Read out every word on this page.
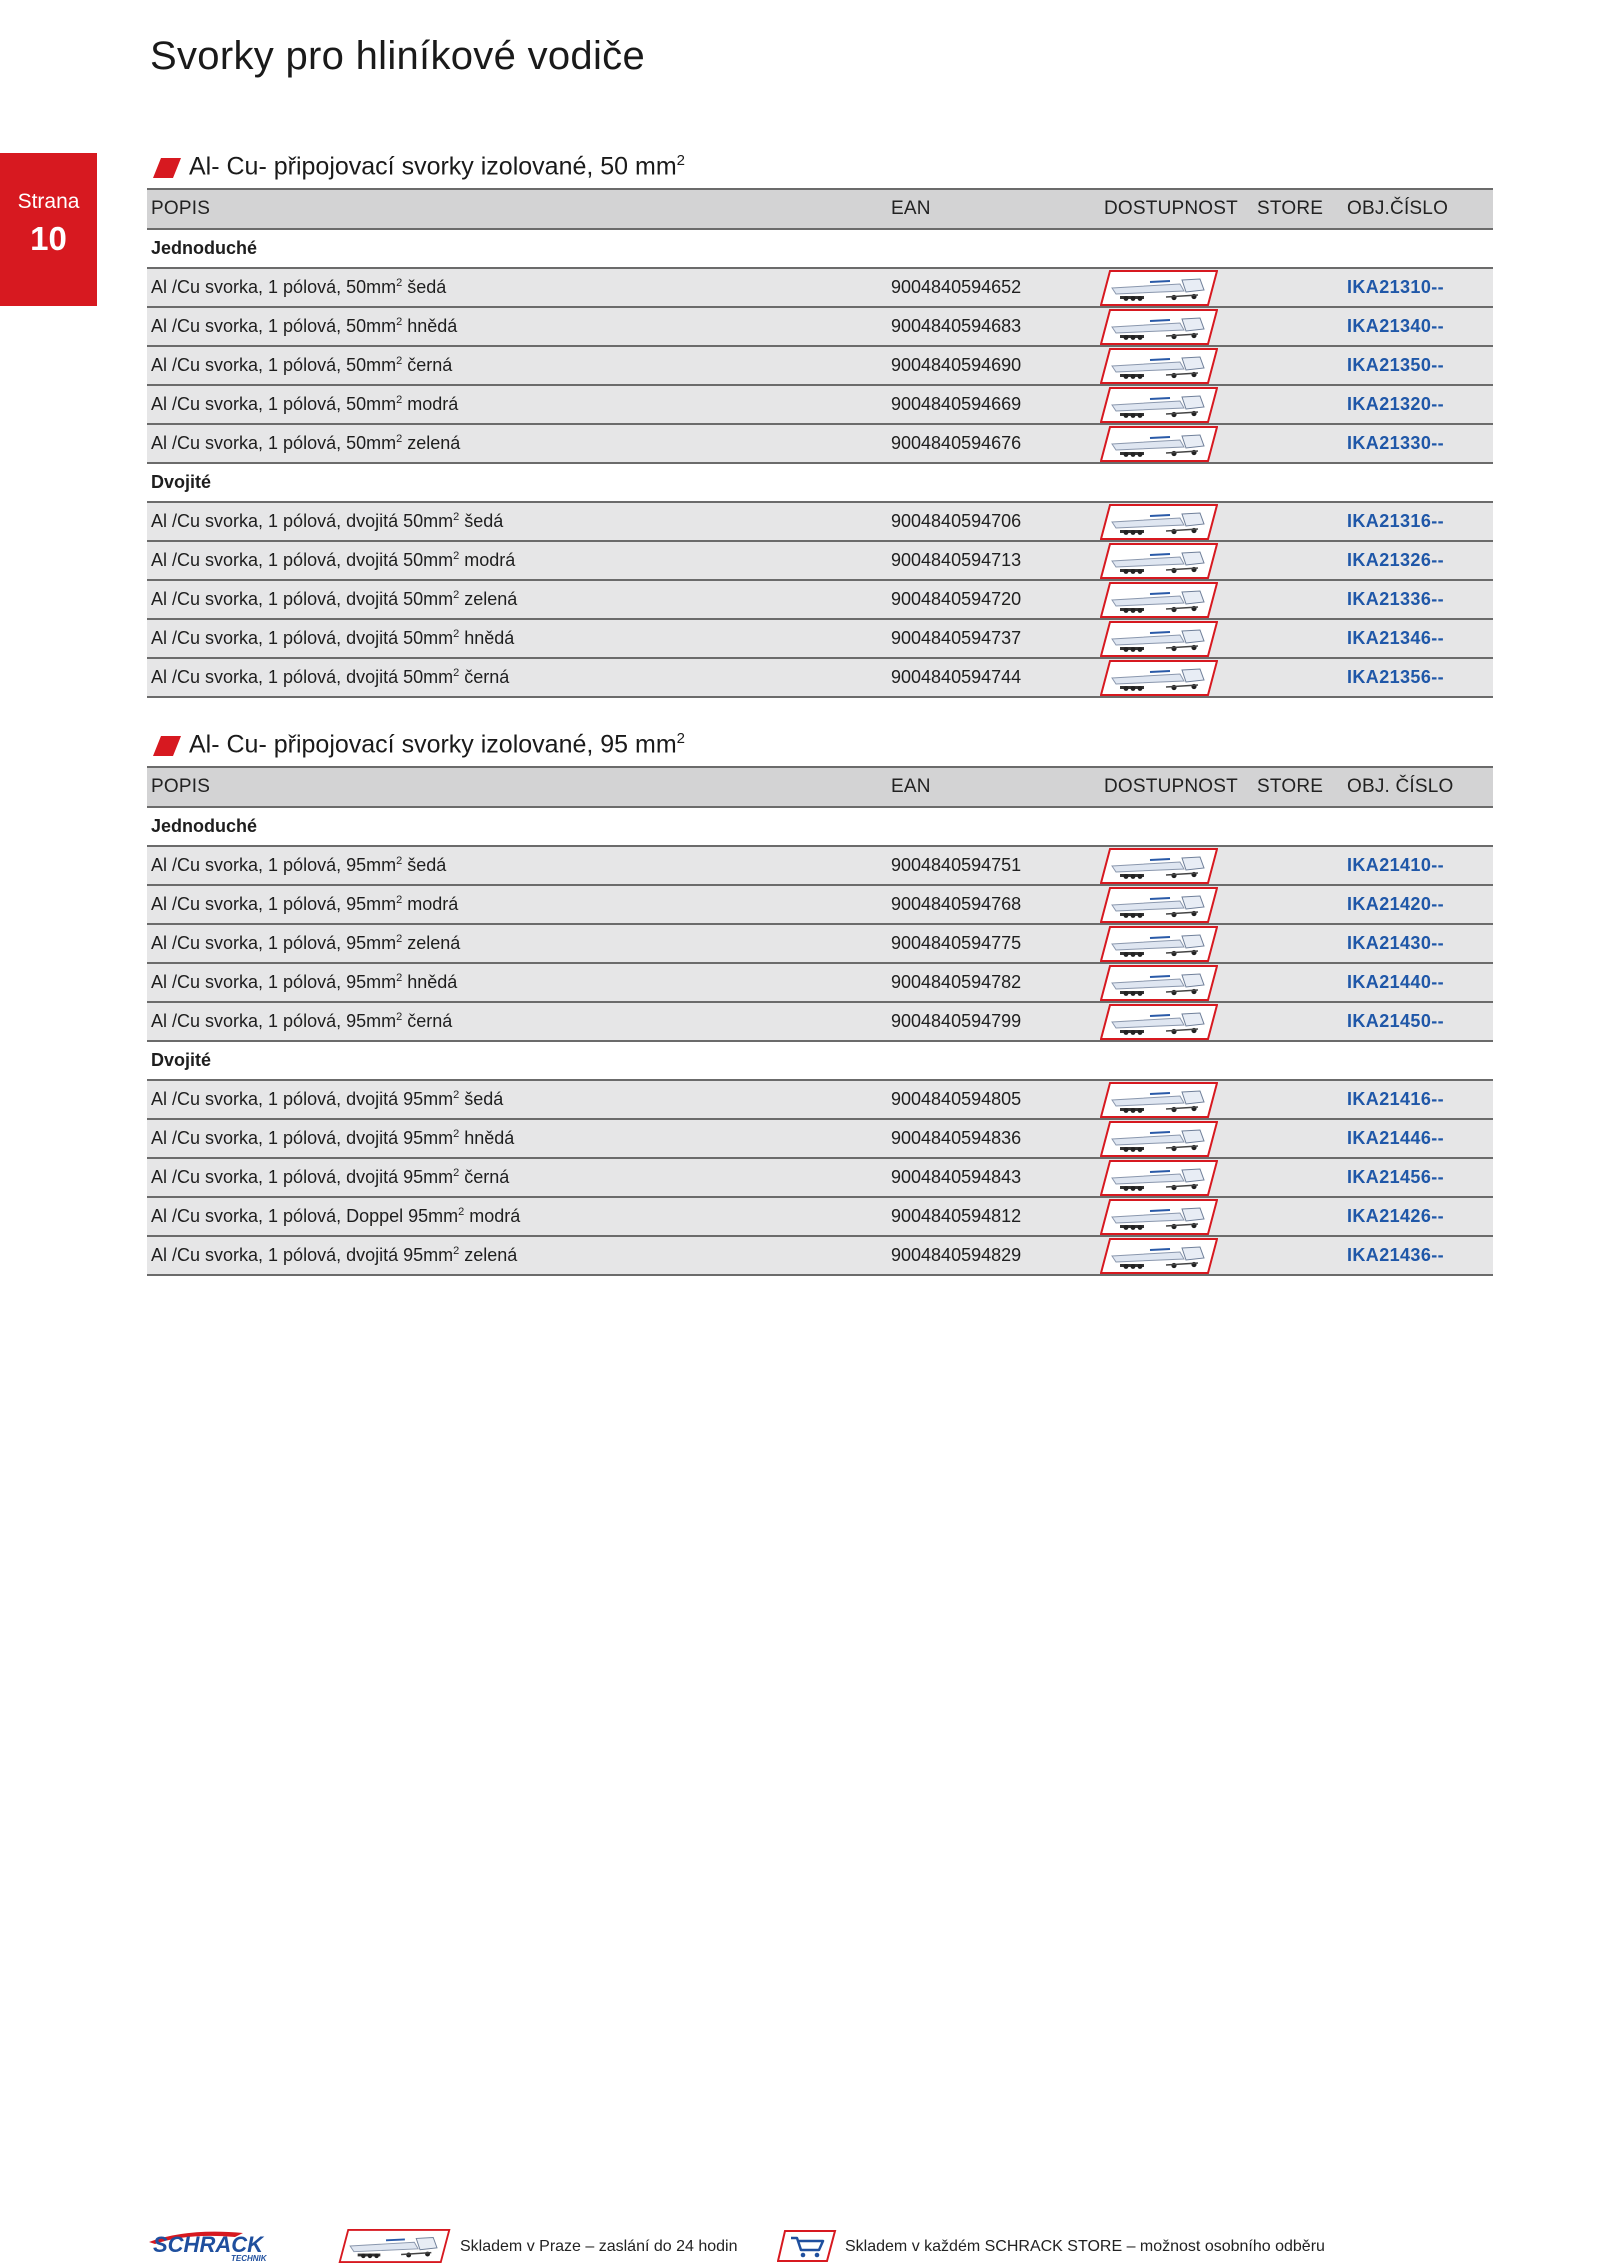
Svorky pro hliníkové vodiče
Strana
10
Al- Cu- připojovací svorky izolované, 50 $mm^2$
POPIS	EAN	DOSTUPNOST	STORE	OBJ.ČÍSLO
Jednoduché				
Al /Cu svorka, 1 pólová, $50mm^2$ šedá	9004840594652			IKA21310--
Al /Cu svorka, 1 pólová, $50mm^2$ hnědá	9004840594683			IKA21340--
Al /Cu svorka, 1 pólová, $50mm^2$ černá	9004840594690			IKA21350--
Al /Cu svorka, 1 pólová, $50mm^2$ modrá	9004840594669			IKA21320--
Al /Cu svorka, 1 pólová, $50mm^2$ zelená	9004840594676			IKA21330--
Dvojité				
Al /Cu svorka, 1 pólová, dvojitá $50mm^2$ šedá	9004840594706			IKA21316--
Al /Cu svorka, 1 pólová, dvojitá $50mm^2$ modrá	9004840594713			IKA21326--
Al /Cu svorka, 1 pólová, dvojitá $50mm^2$ zelená	9004840594720			IKA21336--
Al /Cu svorka, 1 pólová, dvojitá $50mm^2$ hnědá	9004840594737			IKA21346--
Al /Cu svorka, 1 pólová, dvojitá $50mm^2$ černá	9004840594744			IKA21356--
Al- Cu- připojovací svorky izolované, 95 $mm^2$
POPIS	EAN	DOSTUPNOST	STORE	OBJ. ČÍSLO
Jednoduché				
Al /Cu svorka, 1 pólová, $95mm^2$ šedá	9004840594751			IKA21410--
Al /Cu svorka, 1 pólová, $95mm^2$ modrá	9004840594768			IKA21420--
Al /Cu svorka, 1 pólová, $95mm^2$ zelená	9004840594775			IKA21430--
Al /Cu svorka, 1 pólová, $95mm^2$ hnědá	9004840594782			IKA21440--
Al /Cu svorka, 1 pólová, $95mm^2$ černá	9004840594799			IKA21450--
Dvojité				
Al /Cu svorka, 1 pólová, dvojitá $95mm^2$ šedá	9004840594805			IKA21416--
Al /Cu svorka, 1 pólová, dvojitá $95mm^2$ hnědá	9004840594836			IKA21446--
Al /Cu svorka, 1 pólová, dvojitá $95mm^2$ černá	9004840594843			IKA21456--
Al /Cu svorka, 1 pólová, Doppel $95mm^2$ modrá	9004840594812			IKA21426--
Al /Cu svorka, 1 pólová, dvojitá $95mm^2$ zelená	9004840594829			IKA21436--
SCHRACK
TECHNIK
Skladem v Praze – zaslání do 24 hodin	Skladem v každém SCHRACK STORE – možnost osobního odběru
